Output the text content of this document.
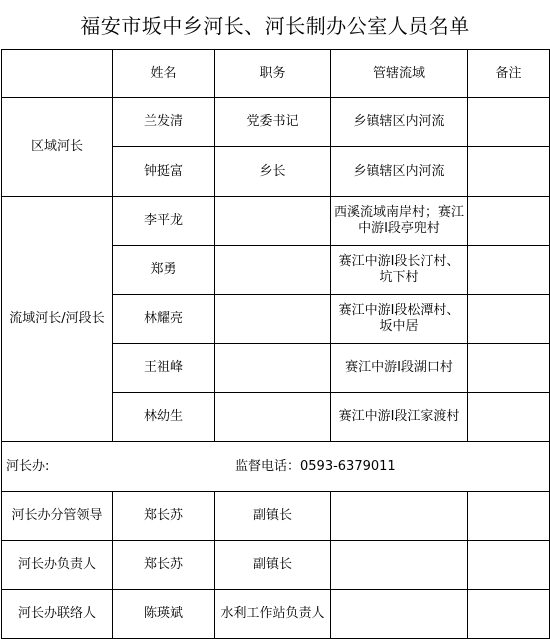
福安市坂中乡河长、河长制办公室人员名单
	姓名	职务	管辖流域	备注
区域河长	兰发清	党委书记	乡镇辖区内河流	
	钟挺富	乡长	乡镇辖区内河流	
流域河长/河段长	李平龙		西溪流域南岸村；赛江中游Ⅰ段亭兜村	
	郑勇		赛江中游Ⅰ段长汀村、坑下村	
	林耀亮		赛江中游Ⅰ段松潭村、坂中居	
	王祖峰		赛江中游Ⅰ段湖口村	
	林幼生		赛江中游Ⅰ段江家渡村	

河长办: 监督电话：0593-6379011				

河长办分管领导	郑长苏	副镇长		
河长办负责人	郑长苏	副镇长		
河长办联络人	陈瑛斌	水利工作站负责人		
